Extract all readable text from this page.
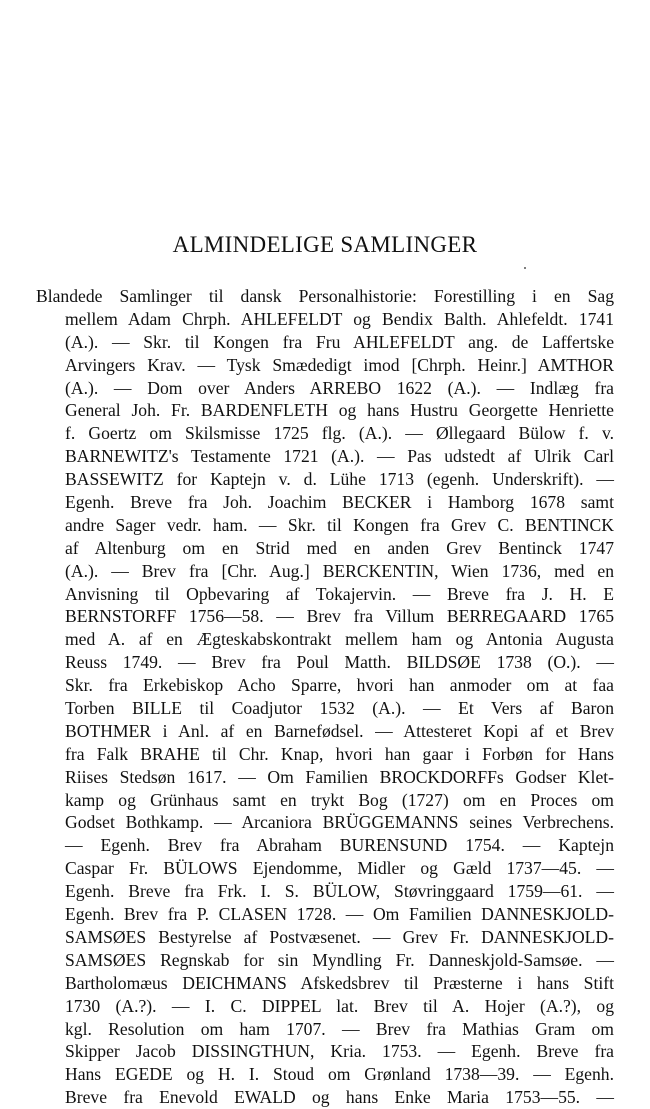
ALMINDELIGE SAMLINGER
Blandede Samlinger til dansk Personalhistorie: Forestilling i en Sag
mellem Adam Chrph. AHLEFELDT og Bendix Balth. Ahlefeldt. 1741
(A.). — Skr. til Kongen fra Fru AHLEFELDT ang. de Laffertske
Arvingers Krav. — Tysk Smædedigt imod [Chrph. Heinr.] AMTHOR
(A.). — Dom over Anders ARREBO 1622 (A.). — Indlæg fra
General Joh. Fr. BARDENFLETH og hans Hustru Georgette Henriette
f. Goertz om Skilsmisse 1725 flg. (A.). — Øllegaard Bülow f. v.
BARNEWITZ's Testamente 1721 (A.). — Pas udstedt af Ulrik Carl
BASSEWITZ for Kaptejn v. d. Lühe 1713 (egenh. Underskrift). —
Egenh. Breve fra Joh. Joachim BECKER i Hamborg 1678 samt
andre Sager vedr. ham. — Skr. til Kongen fra Grev C. BENTINCK
af Altenburg om en Strid med en anden Grev Bentinck 1747
(A.). — Brev fra [Chr. Aug.] BERCKENTIN, Wien 1736, med en
Anvisning til Opbevaring af Tokajervin. — Breve fra J. H. E
BERNSTORFF 1756—58. — Brev fra Villum BERREGAARD 1765
med A. af en Ægteskabskontrakt mellem ham og Antonia Augusta
Reuss 1749. — Brev fra Poul Matth. BILDSØE 1738 (O.). —
Skr. fra Erkebiskop Acho Sparre, hvori han anmoder om at faa
Torben BILLE til Coadjutor 1532 (A.). — Et Vers af Baron
BOTHMER i Anl. af en Barnefødsel. — Attesteret Kopi af et Brev
fra Falk BRAHE til Chr. Knap, hvori han gaar i Forbøn for Hans
Riises Stedsøn 1617. — Om Familien BROCKDORFFs Godser Klet-
kamp og Grünhaus samt en trykt Bog (1727) om en Proces om
Godset Bothkamp. — Arcaniora BRÜGGEMANNS seines Verbrechens.
— Egenh. Brev fra Abraham BURENSUND 1754. — Kaptejn
Caspar Fr. BÜLOWS Ejendomme, Midler og Gæld 1737—45. —
Egenh. Breve fra Frk. I. S. BÜLOW, Støvringgaard 1759—61. —
Egenh. Brev fra P. CLASEN 1728. — Om Familien DANNESKJOLD-
SAMSØES Bestyrelse af Postvæsenet. — Grev Fr. DANNESKJOLD-
SAMSØES Regnskab for sin Myndling Fr. Danneskjold-Samsøe. —
Bartholomæus DEICHMANS Afskedsbrev til Præsterne i hans Stift
1730 (A.?). — I. C. DIPPEL lat. Brev til A. Hojer (A.?), og
kgl. Resolution om ham 1707. — Brev fra Mathias Gram om
Skipper Jacob DISSINGTHUN, Kria. 1753. — Egenh. Breve fra
Hans EGEDE og H. I. Stoud om Grønland 1738—39. — Egenh.
Breve fra Enevold EWALD og hans Enke Maria 1753—55. —
